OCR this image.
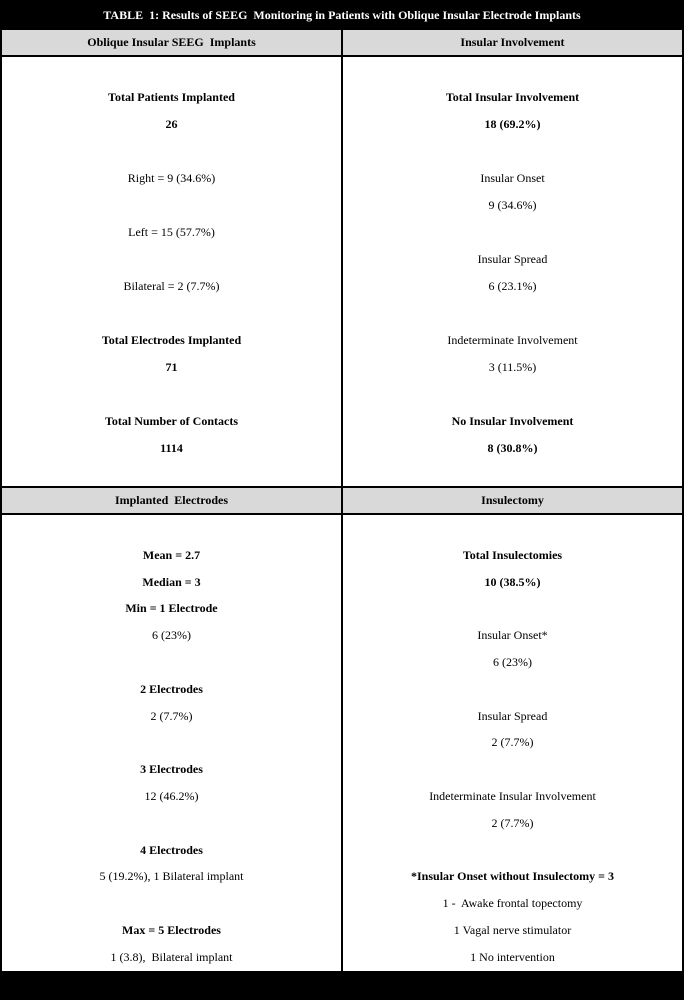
TABLE  1: Results of SEEG  Monitoring in Patients with Oblique Insular Electrode Implants
Oblique Insular SEEG  Implants	Insular Involvement

Total Patients Implanted
26

Right = 9 (34.6%)

Left = 15 (57.7%)

Bilateral = 2 (7.7%)

Total Electrodes Implanted
71

Total Number of Contacts
1114

Total Insular Involvement
18 (69.2%)

Insular Onset
9 (34.6%)

Insular Spread
6 (23.1%)

Indeterminate Involvement
3 (11.5%)

No Insular Involvement
8 (30.8%)
Implanted  Electrodes	Insulectomy

Mean = 2.7
Median = 3
Min = 1 Electrode
6 (23%)

2 Electrodes
2 (7.7%)

3 Electrodes
12 (46.2%)

4 Electrodes
5 (19.2%), 1 Bilateral implant

Max = 5 Electrodes
1 (3.8),  Bilateral implant

Total Insulectomies
10 (38.5%)

Insular Onset*
6 (23%)

Insular Spread
2 (7.7%)

Indeterminate Insular Involvement
2 (7.7%)

*Insular Onset without Insulectomy = 3
1 -  Awake frontal topectomy
1 Vagal nerve stimulator
1 No intervention
